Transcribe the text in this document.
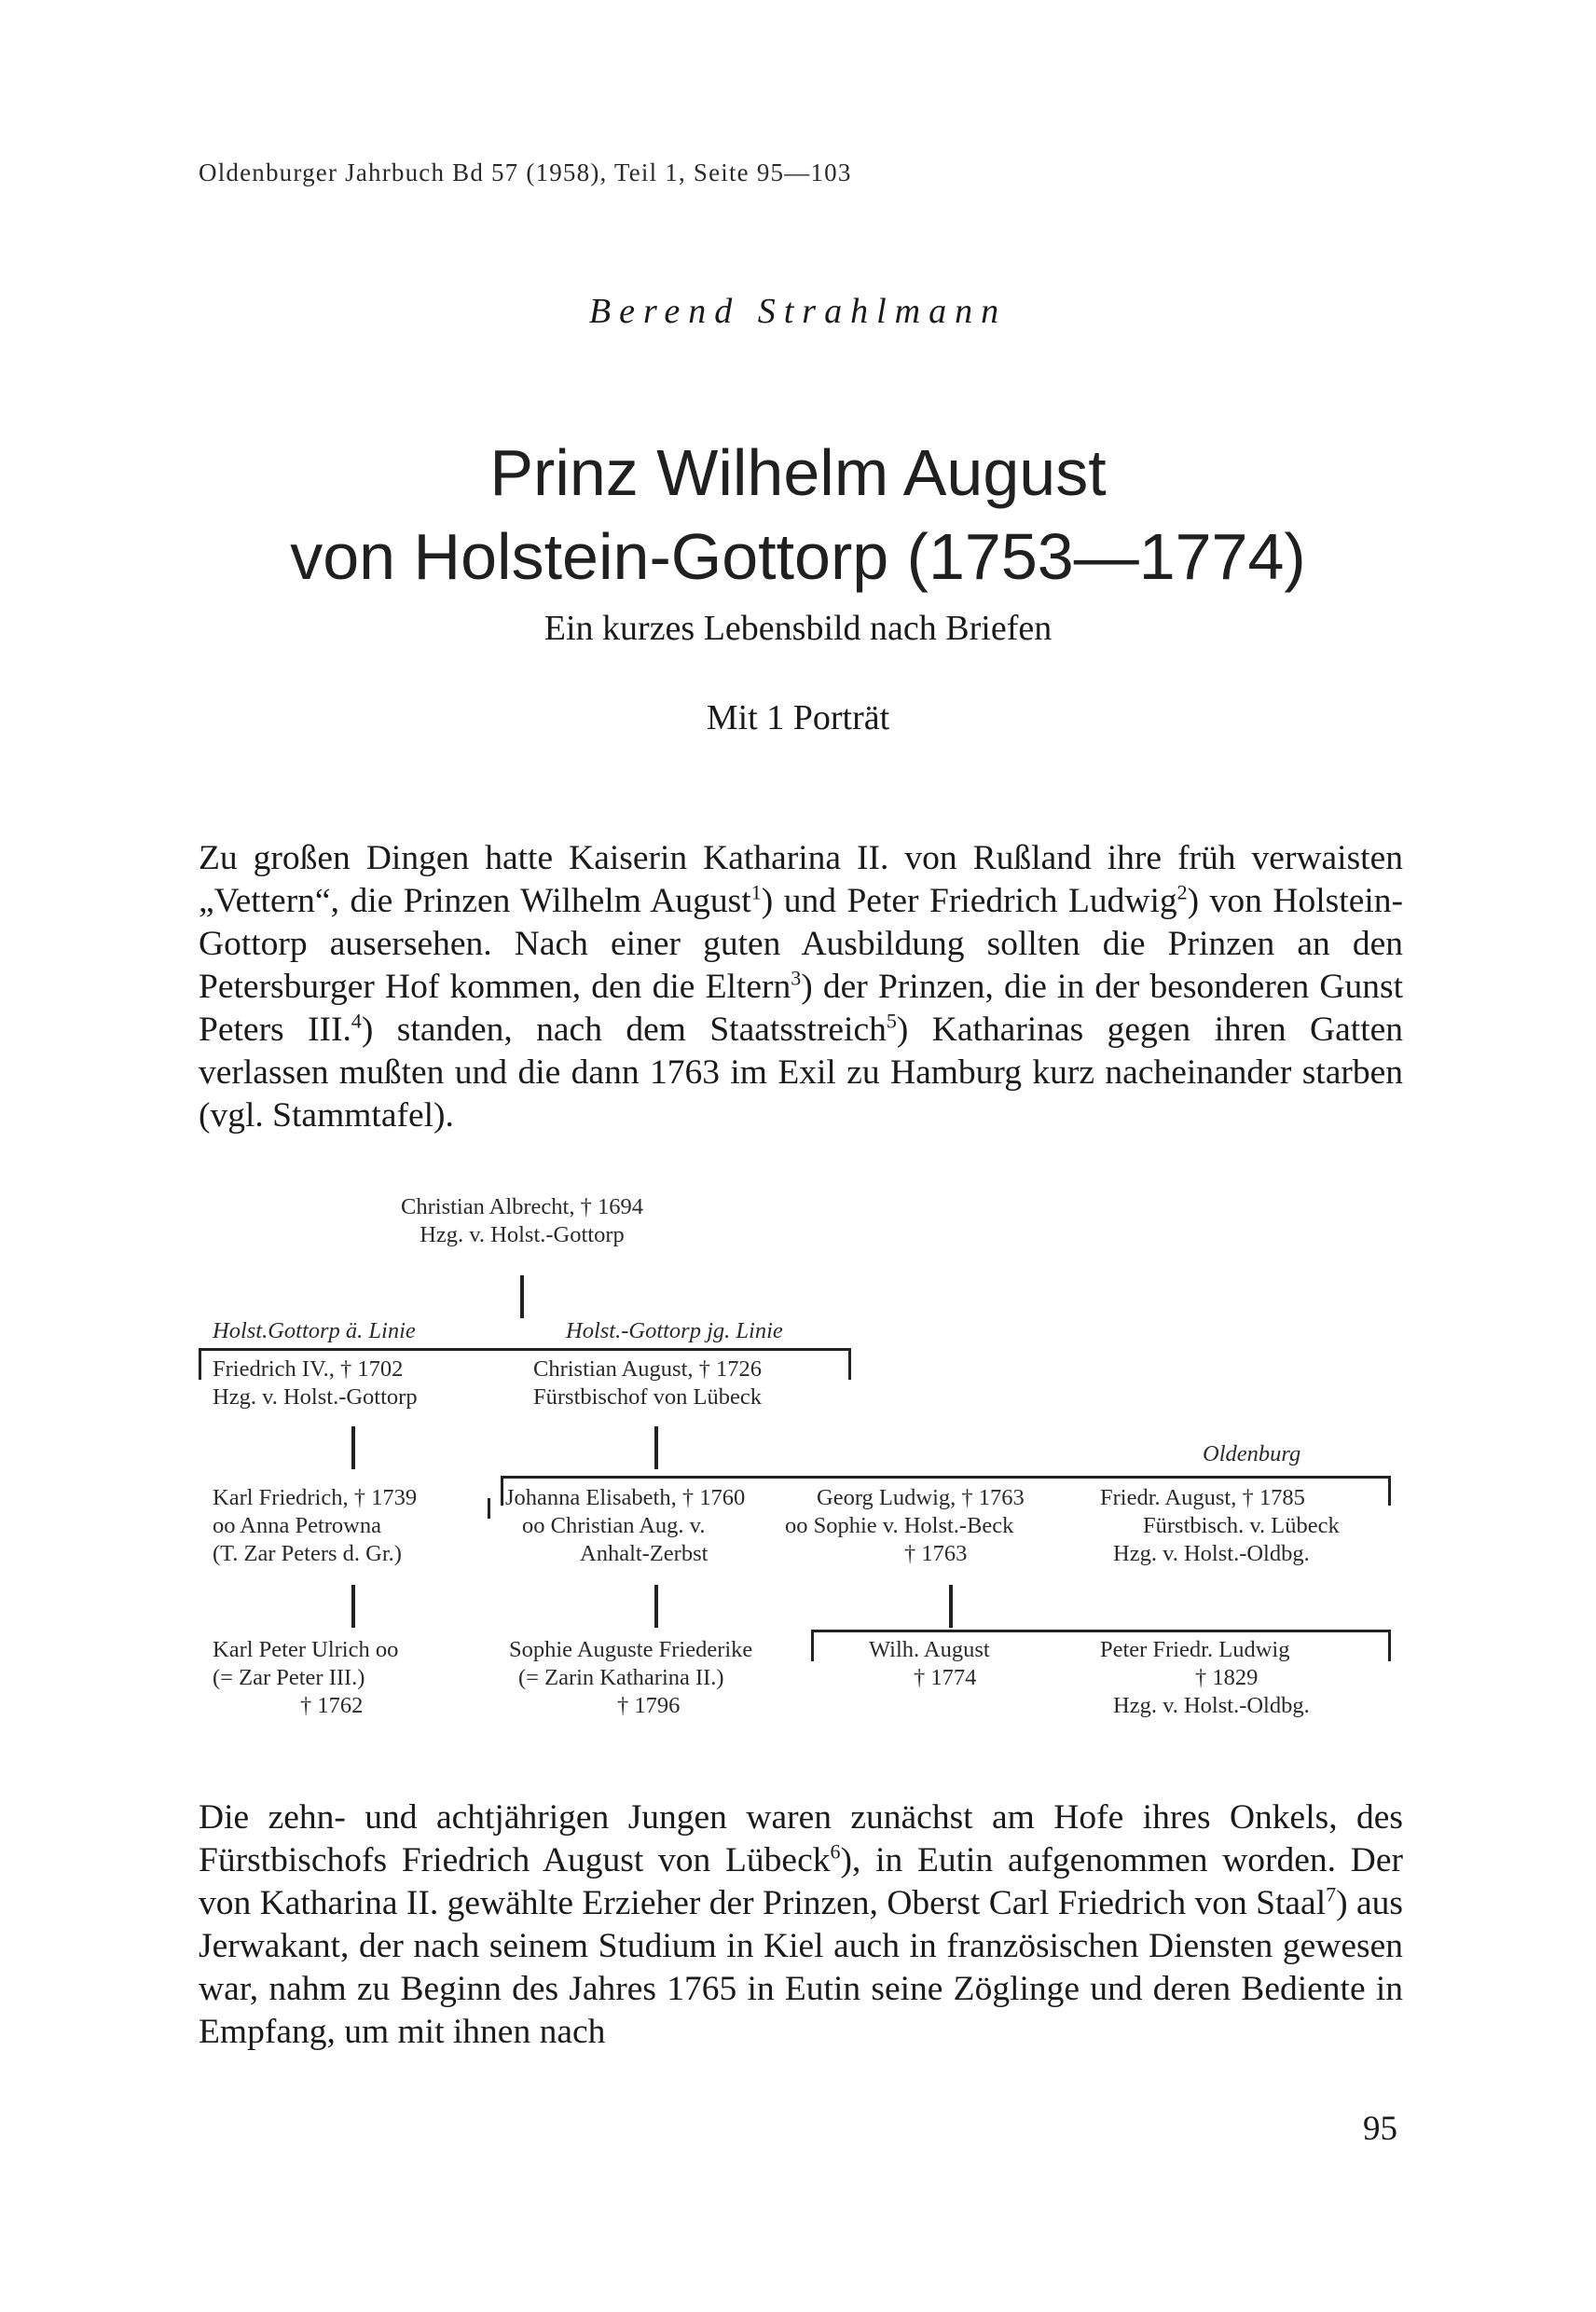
Oldenburger Jahrbuch Bd 57 (1958), Teil 1, Seite 95—103
Berend Strahlmann
Prinz Wilhelm August
von Holstein-Gottorp (1753—1774)
Ein kurzes Lebensbild nach Briefen
Mit 1 Porträt
Zu großen Dingen hatte Kaiserin Katharina II. von Rußland ihre früh verwaisten „Vettern“, die Prinzen Wilhelm August$^1$) und Peter Friedrich Ludwig$^2$) von Holstein-Gottorp ausersehen. Nach einer guten Ausbildung sollten die Prinzen an den Petersburger Hof kommen, den die Eltern$^3$) der Prinzen, die in der besonderen Gunst Peters III.$^4$) standen, nach dem Staatsstreich$^5$) Katharinas gegen ihren Gatten verlassen mußten und die dann 1763 im Exil zu Hamburg kurz nacheinander starben (vgl. Stammtafel).
Christian Albrecht, † 1694
Hzg. v. Holst.-Gottorp
Holst.Gottorp ä. Linie	Holst.-Gottorp jg. Linie
Friedrich IV., † 1702
Hzg. v. Holst.-Gottorp
Christian August, † 1726
Fürstbischof von Lübeck
Oldenburg
Karl Friedrich, † 1739
oo Anna Petrowna
(T. Zar Peters d. Gr.)
Johanna Elisabeth, † 1760
oo Christian Aug. v.
Anhalt-Zerbst
Georg Ludwig, † 1763
oo Sophie v. Holst.-Beck
† 1763
Friedr. August, † 1785
Fürstbisch. v. Lübeck
Hzg. v. Holst.-Oldbg.
Karl Peter Ulrich oo
(= Zar Peter III.)
† 1762
Sophie Auguste Friederike
(= Zarin Katharina II.)
† 1796
Wilh. August
† 1774
Peter Friedr. Ludwig
† 1829
Hzg. v. Holst.-Oldbg.
Die zehn- und achtjährigen Jungen waren zunächst am Hofe ihres Onkels, des Fürstbischofs Friedrich August von Lübeck$^6$), in Eutin aufgenommen worden. Der von Katharina II. gewählte Erzieher der Prinzen, Oberst Carl Friedrich von Staal$^7$) aus Jerwakant, der nach seinem Studium in Kiel auch in französischen Diensten gewesen war, nahm zu Beginn des Jahres 1765 in Eutin seine Zöglinge und deren Bediente in Empfang, um mit ihnen nach
95
